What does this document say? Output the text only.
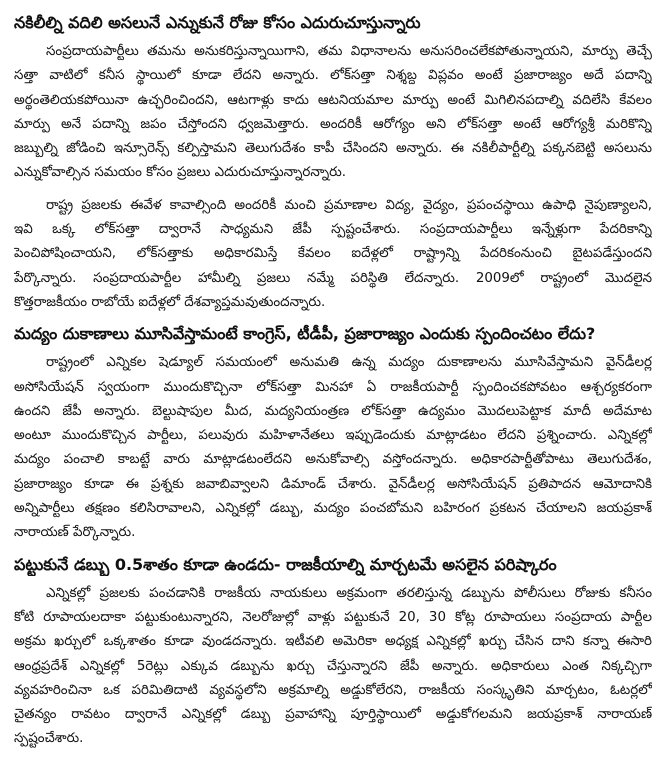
నకిలీల్ని వదిలి అసలునే ఎన్నుకునే రోజు కోసం ఎదురుచూస్తున్నారు
సంప్రదాయపార్టీలు తమను అనుకరిస్తున్నాయిగాని, తమ విధానాలను అనుసరించలేకపోతున్నాయని, మార్పు తెచ్చే
సత్తా వాటిలో కనీస స్థాయిలో కూడా లేదని అన్నారు. లోక్‌సత్తా నిశ్శబ్ద విప్లవం అంటే ప్రజారాజ్యం అదే పదాన్ని
అర్థంతెలియకపోయినా ఉచ్ఛరించిందని, ఆటగాళ్లు కాదు ఆటనియమాల మార్పు అంటే మిగిలినపదాల్ని వదిలేసి కేవలం
మార్పు అనే పదాన్ని జపం చేస్తోందని ధ్వజమెత్తారు. అందరికీ ఆరోగ్యం అని లోక్‌సత్తా అంటే ఆరోగ్యశ్రీ మరికొన్ని
జబ్బుల్ని జోడించి ఇన్సూరెన్స్ కల్పిస్తామని తెలుగుదేశం కాపీ చేసిందని అన్నారు. ఈ నకిలీపార్టీల్ని పక్కనబెట్టి అసలును
ఎన్నుకోవాల్సిన సమయం కోసం ప్రజలు ఎదురుచూస్తున్నారన్నారు.
రాష్ట్ర ప్రజలకు ఈవేళ కావాల్సింది అందరికీ మంచి ప్రమాణాల విద్య, వైద్యం, ప్రపంచస్థాయి ఉపాధి నైపుణ్యాలని,
ఇవి ఒక్క లోక్‌సత్తా ద్వారానే సాధ్యమని జేపీ స్పష్టంచేశారు. సంప్రదాయపార్టీలు ఇన్నేళ్లుగా పేదరికాన్ని
పెంచిపోషించాయని, లోక్‌సత్తాకు అధికారమిస్తే కేవలం ఐదేళ్లలో రాష్ట్రాన్ని పేదరికంనుంచి బైటపడేస్తుందని
పేర్కొన్నారు. సంప్రదాయపార్టీల హామీల్ని ప్రజలు నమ్మే పరిస్థితి లేదన్నారు. 2009లో రాష్ట్రంలో మొదలైన
కొత్తరాజకీయం రాబోయే ఐదేళ్లలో దేశవ్యాప్తమవుతుందన్నారు.
మద్యం దుకాణాలు మూసివేస్తామంటే కాంగ్రెస్, టీడీపీ, ప్రజారాజ్యం ఎందుకు స్పందించటం లేదు?
రాష్ట్రంలో ఎన్నికల షెడ్యూల్ సమయంలో అనుమతి ఉన్న మద్యం దుకాణాలను మూసివేస్తామని వైన్‌డీలర్ల
అసోసియేషన్ స్వయంగా ముందుకొచ్చినా లోక్‌సత్తా మినహా ఏ రాజకీయపార్టీ స్పందించకపోవటం ఆశ్చర్యకరంగా
ఉందని జేపీ అన్నారు. బెల్టుషాపుల మీద, మద్యనియంత్రణ లోక్‌సత్తా ఉద్యమం మొదలుపెట్టాక మాదీ అదేమాట
అంటూ ముందుకొచ్చిన పార్టీలు, పలువురు మహిళానేతలు ఇప్పుడెందుకు మాట్లాడటం లేదని ప్రశ్నించారు. ఎన్నికల్లో
మద్యం పంచాలి కాబట్టే వారు మాట్లాడటంలేదని అనుకోవాల్సి వస్తోందన్నారు. అధికారపార్టీతోపాటు తెలుగుదేశం,
ప్రజారాజ్యం కూడా ఈ ప్రశ్నకు జవాబివ్వాలని డిమాండ్ చేశారు. వైన్‌డీలర్ల అసోసియేషన్ ప్రతిపాదన ఆమోదానికి
అన్నిపార్టీలు తక్షణం కలిసిరావాలని, ఎన్నికల్లో డబ్బు, మద్యం పంచబోమని బహిరంగ ప్రకటన చేయాలని జయప్రకాశ్
నారాయణ్ పేర్కొన్నారు.
పట్టుకునే డబ్బు 0.5శాతం కూడా ఉండదు- రాజకీయాల్ని మార్చటమే అసలైన పరిష్కారం
ఎన్నికల్లో ప్రజలకు పంచడానికి రాజకీయ నాయకులు అక్రమంగా తరలిస్తున్న డబ్బును పోలీసులు రోజుకు కనీసం
కోటి రూపాయలదాకా పట్టుకుంటున్నారని, నెలరోజుల్లో వాళ్లు పట్టుకునే 20, 30 కోట్ల రూపాయలు సంప్రదాయ పార్టీల
అక్రమ ఖర్చులో ఒక్కశాతం కూడా వుండదన్నారు. ఇటీవలి అమెరికా అధ్యక్ష ఎన్నికల్లో ఖర్చు చేసిన దాని కన్నా ఈసారి
ఆంధ్రప్రదేశ్ ఎన్నికల్లో 5రెట్లు ఎక్కువ డబ్బును ఖర్చు చేస్తున్నారని జేపీ అన్నారు. అధికారులు ఎంత నిక్కచ్చిగా
వ్యవహరించినా ఒక పరిమితిదాటి వ్యవస్థలోని అక్రమాల్ని అడ్డుకోలేరని, రాజకీయ సంస్కృతిని మార్చటం, ఓటర్లలో
చైతన్యం రావటం ద్వారానే ఎన్నికల్లో డబ్బు ప్రవాహాన్ని పూర్తిస్థాయిలో అడ్డుకోగలమని జయప్రకాశ్ నారాయణ్
స్పష్టంచేశారు.
